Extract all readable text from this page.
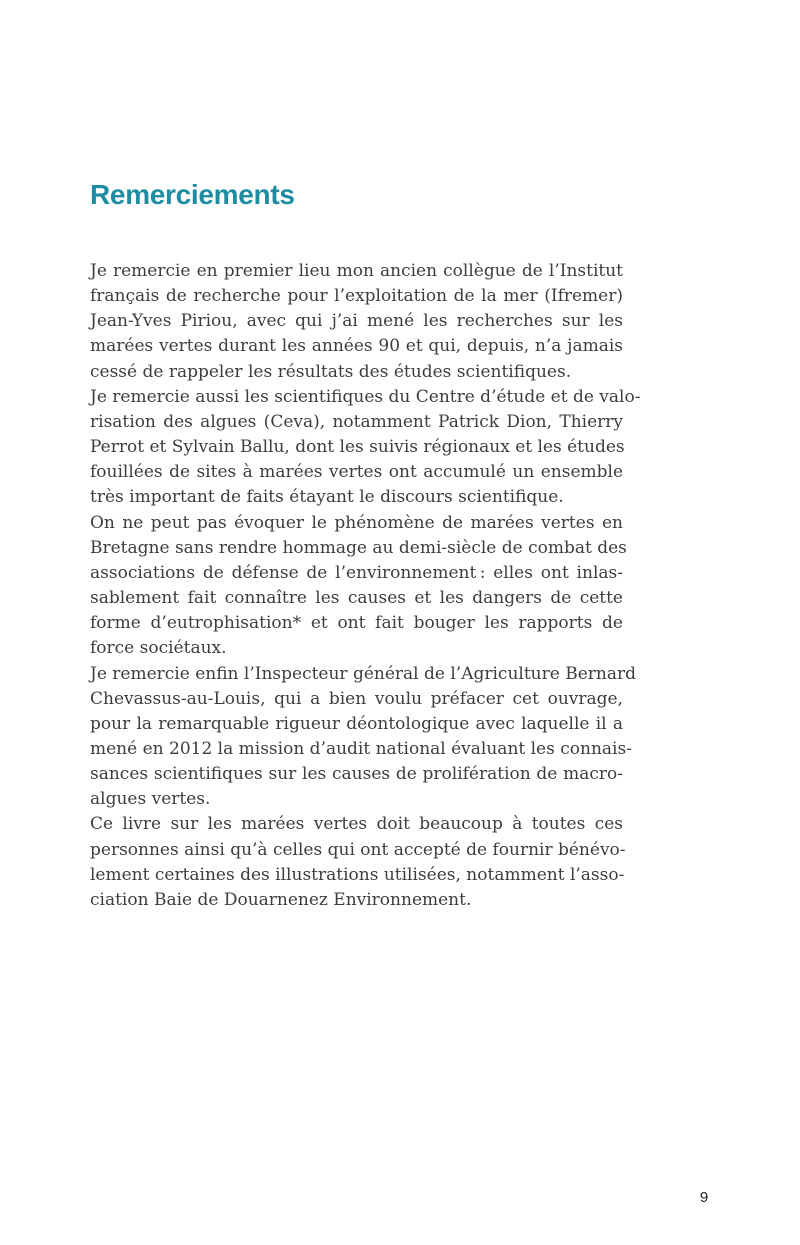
Remerciements

Je remercie en premier lieu mon ancien collègue de l’Institut
français de recherche pour l’exploitation de la mer (Ifremer)
Jean-Yves Piriou, avec qui j’ai mené les recherches sur les
marées vertes durant les années 90 et qui, depuis, n’a jamais
cessé de rappeler les résultats des études scientifiques.

Je remercie aussi les scientifiques du Centre d’étude et de valo-
risation des algues (Ceva), notamment Patrick Dion, Thierry
Perrot et Sylvain Ballu, dont les suivis régionaux et les études
fouillées de sites à marées vertes ont accumulé un ensemble
très important de faits étayant le discours scientifique.

On ne peut pas évoquer le phénomène de marées vertes en
Bretagne sans rendre hommage au demi-siècle de combat des
associations de défense de l’environnement : elles ont inlas-
sablement fait connaître les causes et les dangers de cette
forme d’eutrophisation* et ont fait bouger les rapports de
force sociétaux.

Je remercie enfin l’Inspecteur général de l’Agriculture Bernard
Chevassus-au-Louis, qui a bien voulu préfacer cet ouvrage,
pour la remarquable rigueur déontologique avec laquelle il a
mené en 2012 la mission d’audit national évaluant les connais-
sances scientifiques sur les causes de prolifération de macro-
algues vertes.

Ce livre sur les marées vertes doit beaucoup à toutes ces
personnes ainsi qu’à celles qui ont accepté de fournir bénévo-
lement certaines des illustrations utilisées, notamment l’asso-
ciation Baie de Douarnenez Environnement.

9
